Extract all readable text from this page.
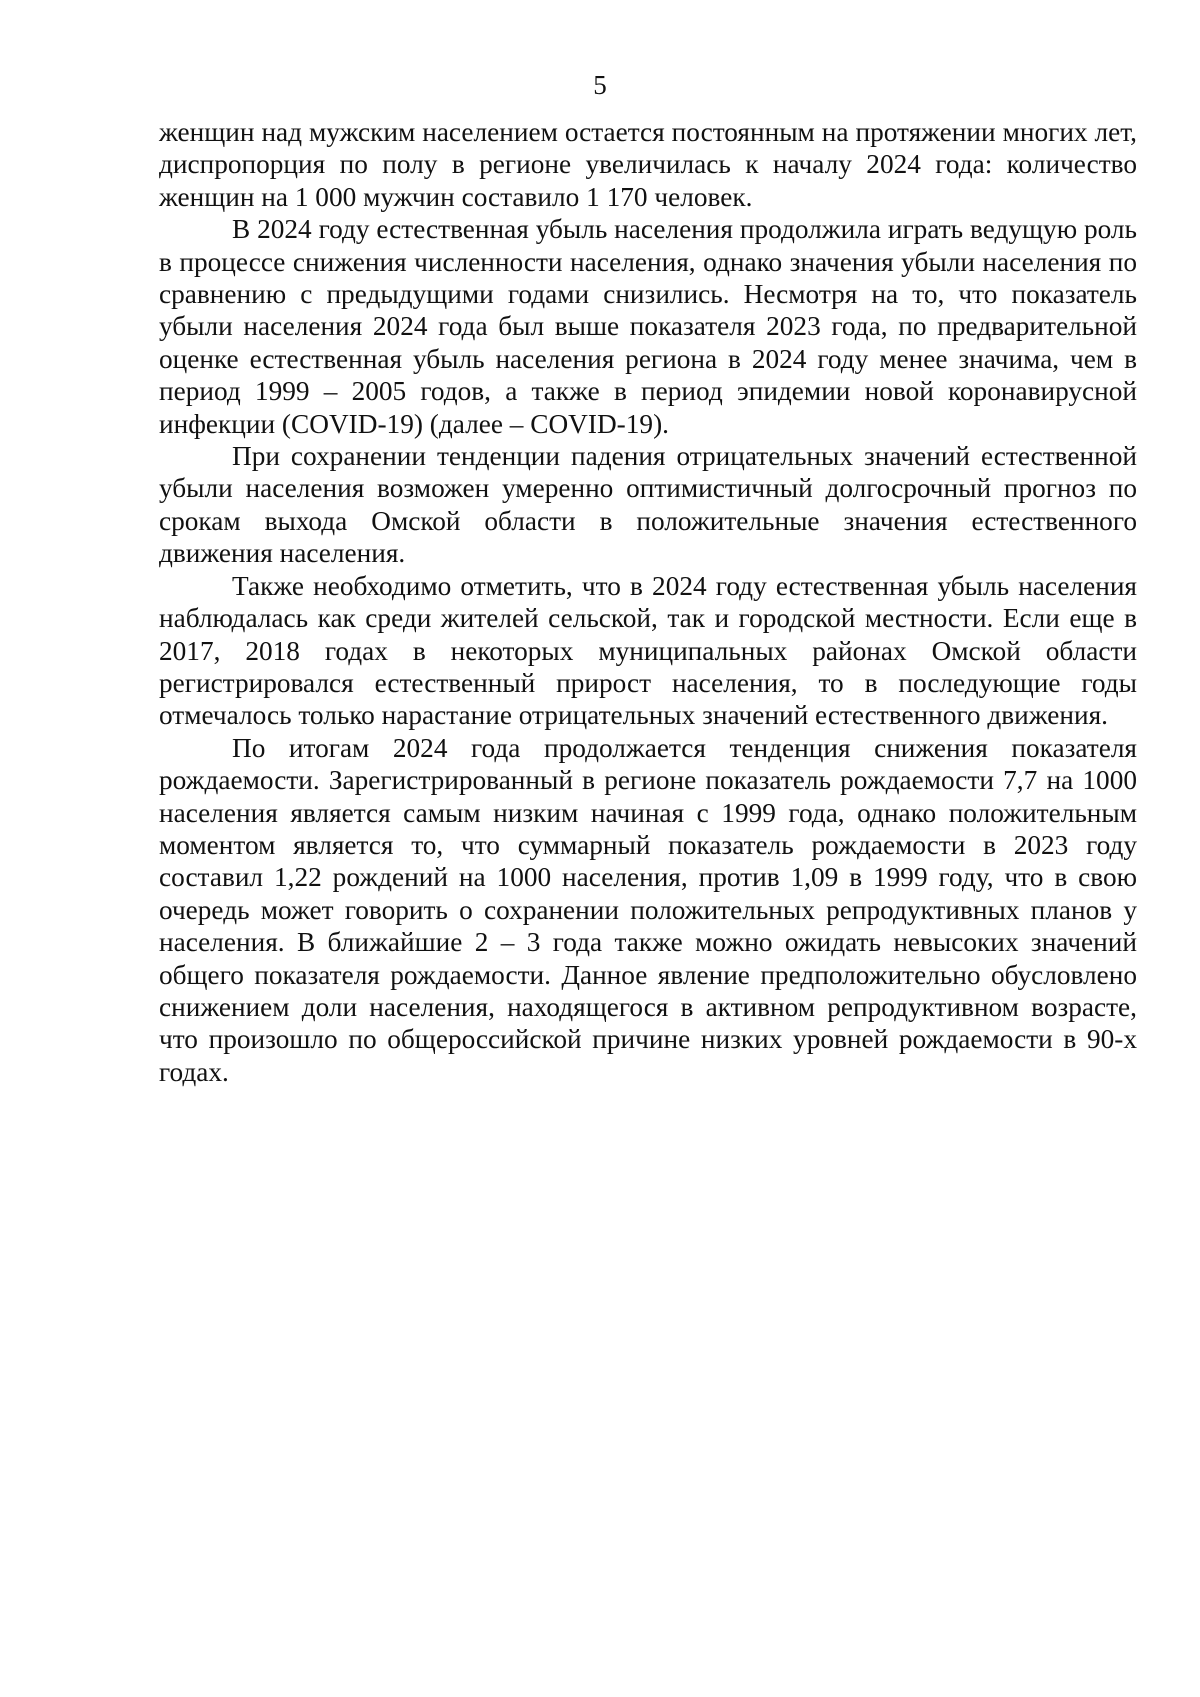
5

женщин над мужским населением остается постоянным на протяжении многих лет, диспропорция по полу в регионе увеличилась к началу 2024 года: количество женщин на 1 000 мужчин составило 1 170 человек.

В 2024 году естественная убыль населения продолжила играть ведущую роль в процессе снижения численности населения, однако значения убыли населения по сравнению с предыдущими годами снизились. Несмотря на то, что показатель убыли населения 2024 года был выше показателя 2023 года, по предварительной оценке естественная убыль населения региона в 2024 году менее значима, чем в период 1999 – 2005 годов, а также в период эпидемии новой коронавирусной инфекции (COVID-19) (далее – COVID-19).

При сохранении тенденции падения отрицательных значений естественной убыли населения возможен умеренно оптимистичный долгосрочный прогноз по срокам выхода Омской области в положительные значения естественного движения населения.

Также необходимо отметить, что в 2024 году естественная убыль населения наблюдалась как среди жителей сельской, так и городской местности. Если еще в 2017, 2018 годах в некоторых муниципальных районах Омской области регистрировался естественный прирост населения, то в последующие годы отмечалось только нарастание отрицательных значений естественного движения.

По итогам 2024 года продолжается тенденция снижения показателя рождаемости. Зарегистрированный в регионе показатель рождаемости 7,7 на 1000 населения является самым низким начиная с 1999 года, однако положительным моментом является то, что суммарный показатель рождаемости в 2023 году составил 1,22 рождений на 1000 населения, против 1,09 в 1999 году, что в свою очередь может говорить о сохранении положительных репродуктивных планов у населения. В ближайшие 2 – 3 года также можно ожидать невысоких значений общего показателя рождаемости. Данное явление предположительно обусловлено снижением доли населения, находящегося в активном репродуктивном возрасте, что произошло по общероссийской причине низких уровней рождаемости в 90-х годах.
